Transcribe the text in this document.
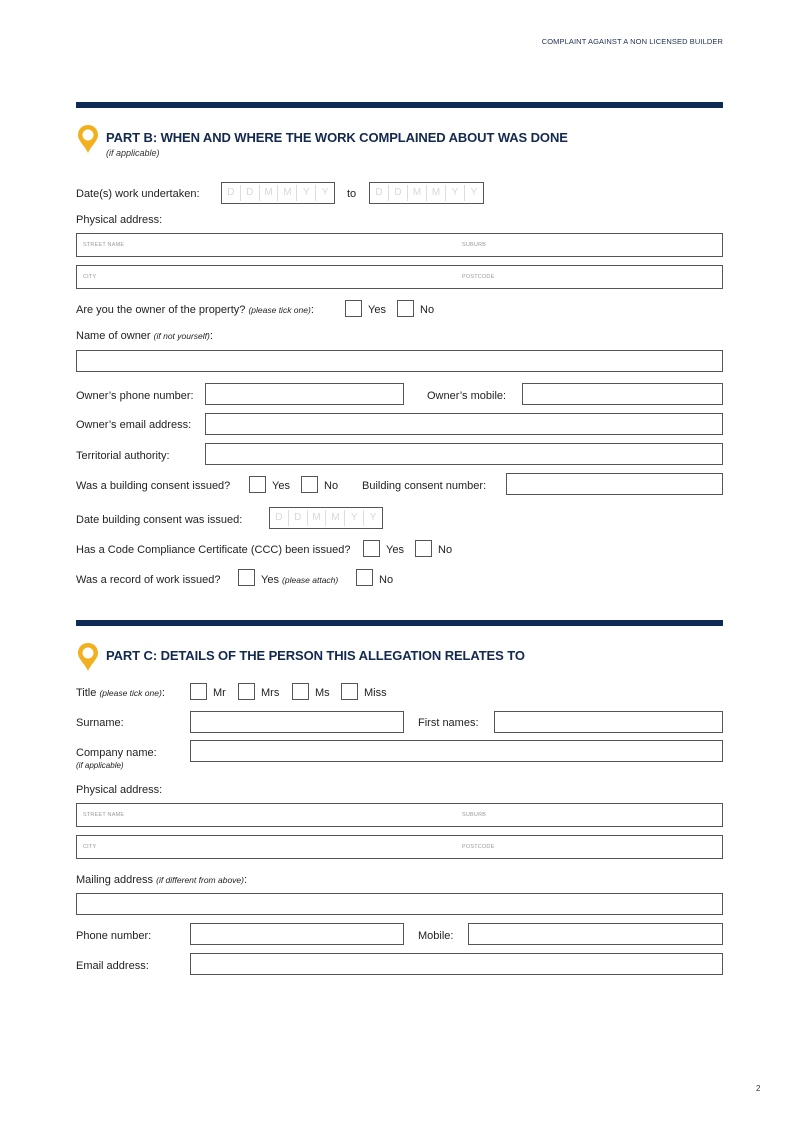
COMPLAINT AGAINST A NON LICENSED BUILDER
PART B: WHEN AND WHERE THE WORK COMPLAINED ABOUT WAS DONE
(if applicable)
Date(s) work undertaken:	D	D	M	M	Y	Y	to	D	D	M	M	Y	Y
Physical address:
STREET NAME	SUBURB
CITY	POSTCODE
Are you the owner of the property? (please tick one):	Yes	No
Name of owner (if not yourself):
Owner’s phone number:	Owner’s mobile:
Owner’s email address:
Territorial authority:
Was a building consent issued?	Yes	No Building consent number:
Date building consent was issued:	D	D	M	M	Y	Y
Has a Code Compliance Certificate (CCC) been issued?	Yes	No
Was a record of work issued?	Yes (please attach)	No
PART C: DETAILS OF THE PERSON THIS ALLEGATION RELATES TO
Title (please tick one):	Mr	Mrs	Ms	Miss
Surname:	First names:
Company name:
(if applicable)
Physical address:
STREET NAME	SUBURB
CITY	POSTCODE
Mailing address (if different from above):
Phone number:	Mobile:
Email address:
2
